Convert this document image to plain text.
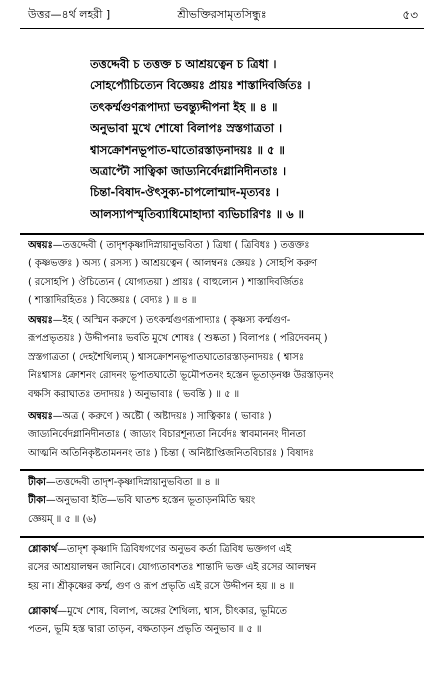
উত্তর—৪র্থ লহরী ]	শ্রীভক্তিরসামৃতসিন্ধুঃ	৫৩
তত্তদ্দেবী চ তত্তক্ত চ আশ্রয়ত্বেন চ ত্রিধা ।
সোহপ্যৌচিত্যেন বিজ্ঞেয়ঃ প্রায়ঃ শাস্তাদিবর্জিতঃ ।
তৎকর্ম্মগুণরূপাদ্যা ভবন্ত্যুদ্দীপনা ইহ ॥ ৪ ॥
অনুভাবা মুখে শোষো বিলাপঃ স্রস্তগাত্রতা ।
শ্বাসক্রোশনভূপাত-ঘাতোরস্তাড়নাদয়ঃ ॥ ৫ ॥
অত্রাপ্টৌ সাত্বিকা জাড্যনির্বেদগ্লানিদীনতাঃ ।
চিন্তা-বিষাদ-ঔৎসুক্য-চাপলোন্মাদ-মৃত্যবঃ ।
আলস্যাপস্মৃতিব্যাধিমোহাদ্যা ব্যভিচারিণঃ ॥ ৬ ॥
অন্বয়ঃ—তত্তদ্দেবী ( তাদৃশকৃষ্ণাদিস্নায়ানুভবিতা ) ত্রিধা ( ত্রিবিধঃ ) তত্তক্তঃ
( কৃষ্ণভক্তঃ ) অস্য ( রসস্য ) আশ্রয়ত্বেন ( আলম্বনঃ জ্ঞেয়ঃ ) সোহপি করুণ
( রসোহপি ) ঔচিত্যেন ( যোগ্যতয়া ) প্রায়ঃ ( বাহুল্যেন ) শাস্তাদিবর্জিতঃ
( শাস্তাদিরহিতঃ ) বিজ্ঞেয়ঃ ( বেদ্যঃ ) ॥ ৪ ॥
অন্বয়ঃ—ইহ ( অস্মিন করুণে ) তৎকর্ম্মগুণরূপাদ্যাঃ ( কৃষ্ণস্য কর্ম্মগুণ-
রূপপ্রভৃতয়ঃ ) উদ্দীপনাঃ ভবতি মুখে শোষঃ ( শুষ্কতা ) বিলাপঃ ( পরিদেবনম্ )
স্রস্তগাত্রতা ( দেহশৈথিল্যম্ ) শ্বাসক্রোশনভূপাতঘাতোরস্তাড়নাদয়ঃ ( শ্বাসঃ
নিঃশ্বাসঃ ক্রোশনং রোদনং ভূপাতঘাতৌ ভূমৌপতনং হস্তেন ভূতাড়নঞ্চ উরস্তাড়নং
বক্ষসি করাঘাতঃ তদাদয়ঃ ) অনুভাবাঃ ( ভবন্তি ) ॥ ৫ ॥
অন্বয়ঃ—অত্র ( করুণে ) অষ্টৌ ( অষ্টাদয়ঃ ) সাত্বিকাঃ ( ভাবাঃ )
জাড্যনির্বেদগ্লানিদীনতাঃ ( জাড্যং বিচারশূন্যতা নির্বেদঃ স্বাবমাননং দীনতা
আত্মনি অতিনিকৃষ্টতামননং তাঃ ) চিন্তা ( অনিষ্টাপ্তিজনিতবিচারঃ ) বিষাদঃ
টীকা—তত্তদ্দেবী তাদৃশ-কৃষ্ণাদিস্নায়ানুভবিতা ॥ ৪ ॥
টীকা—অনুভাবা ইতি—ভবি ঘাতশ্চ হস্তেন ভূতাড়নমিতি দ্বয়ং
জ্ঞেয়ম্ ॥ ৫ ॥ (৬)
শ্লোকার্থ—তাদৃশ কৃষ্ণাদি ত্রিবিধগণের অনুভব কর্তা ত্রিবিধ ভক্তগণ এই
রসের আশ্রয়ালম্বন জানিবে। যোগ্যতাবশতঃ শান্তাদি ভক্ত এই রসের আলম্বন
হয় না। শ্রীকৃষ্ণের কর্ম্ম, গুণ ও রূপ প্রভৃতি এই রসে উদ্দীপন হয় ॥ ৪ ॥
শ্লোকার্থ—মুখে শোষ, বিলাপ, অঙ্গের শৈথিল্য, শ্বাস, চীৎকার, ভূমিতে
পতন, ভূমি হস্ত দ্বারা তাড়ন, বক্ষতাড়ন প্রভৃতি অনুভাব ॥ ৫ ॥
